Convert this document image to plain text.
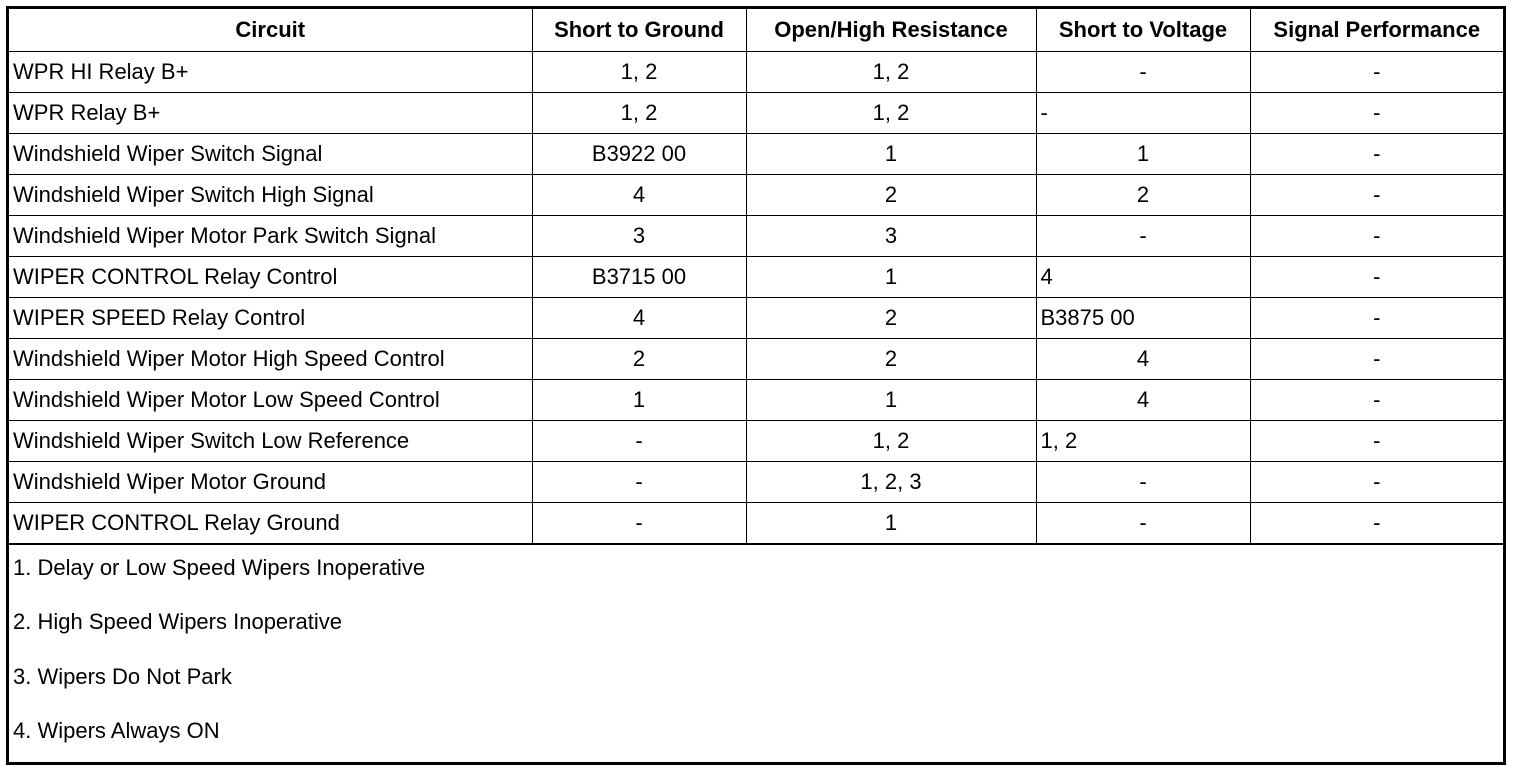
Circuit	Short to Ground	Open/High Resistance	Short to Voltage	Signal Performance
WPR HI Relay B+	1, 2	1, 2	-	-
WPR Relay B+	1, 2	1, 2	-	-
Windshield Wiper Switch Signal	B3922 00	1	1	-
Windshield Wiper Switch High Signal	4	2	2	-
Windshield Wiper Motor Park Switch Signal	3	3	-	-
WIPER CONTROL Relay Control	B3715 00	1	4	-
WIPER SPEED Relay Control	4	2	B3875 00	-
Windshield Wiper Motor High Speed Control	2	2	4	-
Windshield Wiper Motor Low Speed Control	1	1	4	-
Windshield Wiper Switch Low Reference	-	1, 2	1, 2	-
Windshield Wiper Motor Ground	-	1, 2, 3	-	-
WIPER CONTROL Relay Ground	-	1	-	-
1. Delay or Low Speed Wipers Inoperative
2. High Speed Wipers Inoperative
3. Wipers Do Not Park
4. Wipers Always ON
